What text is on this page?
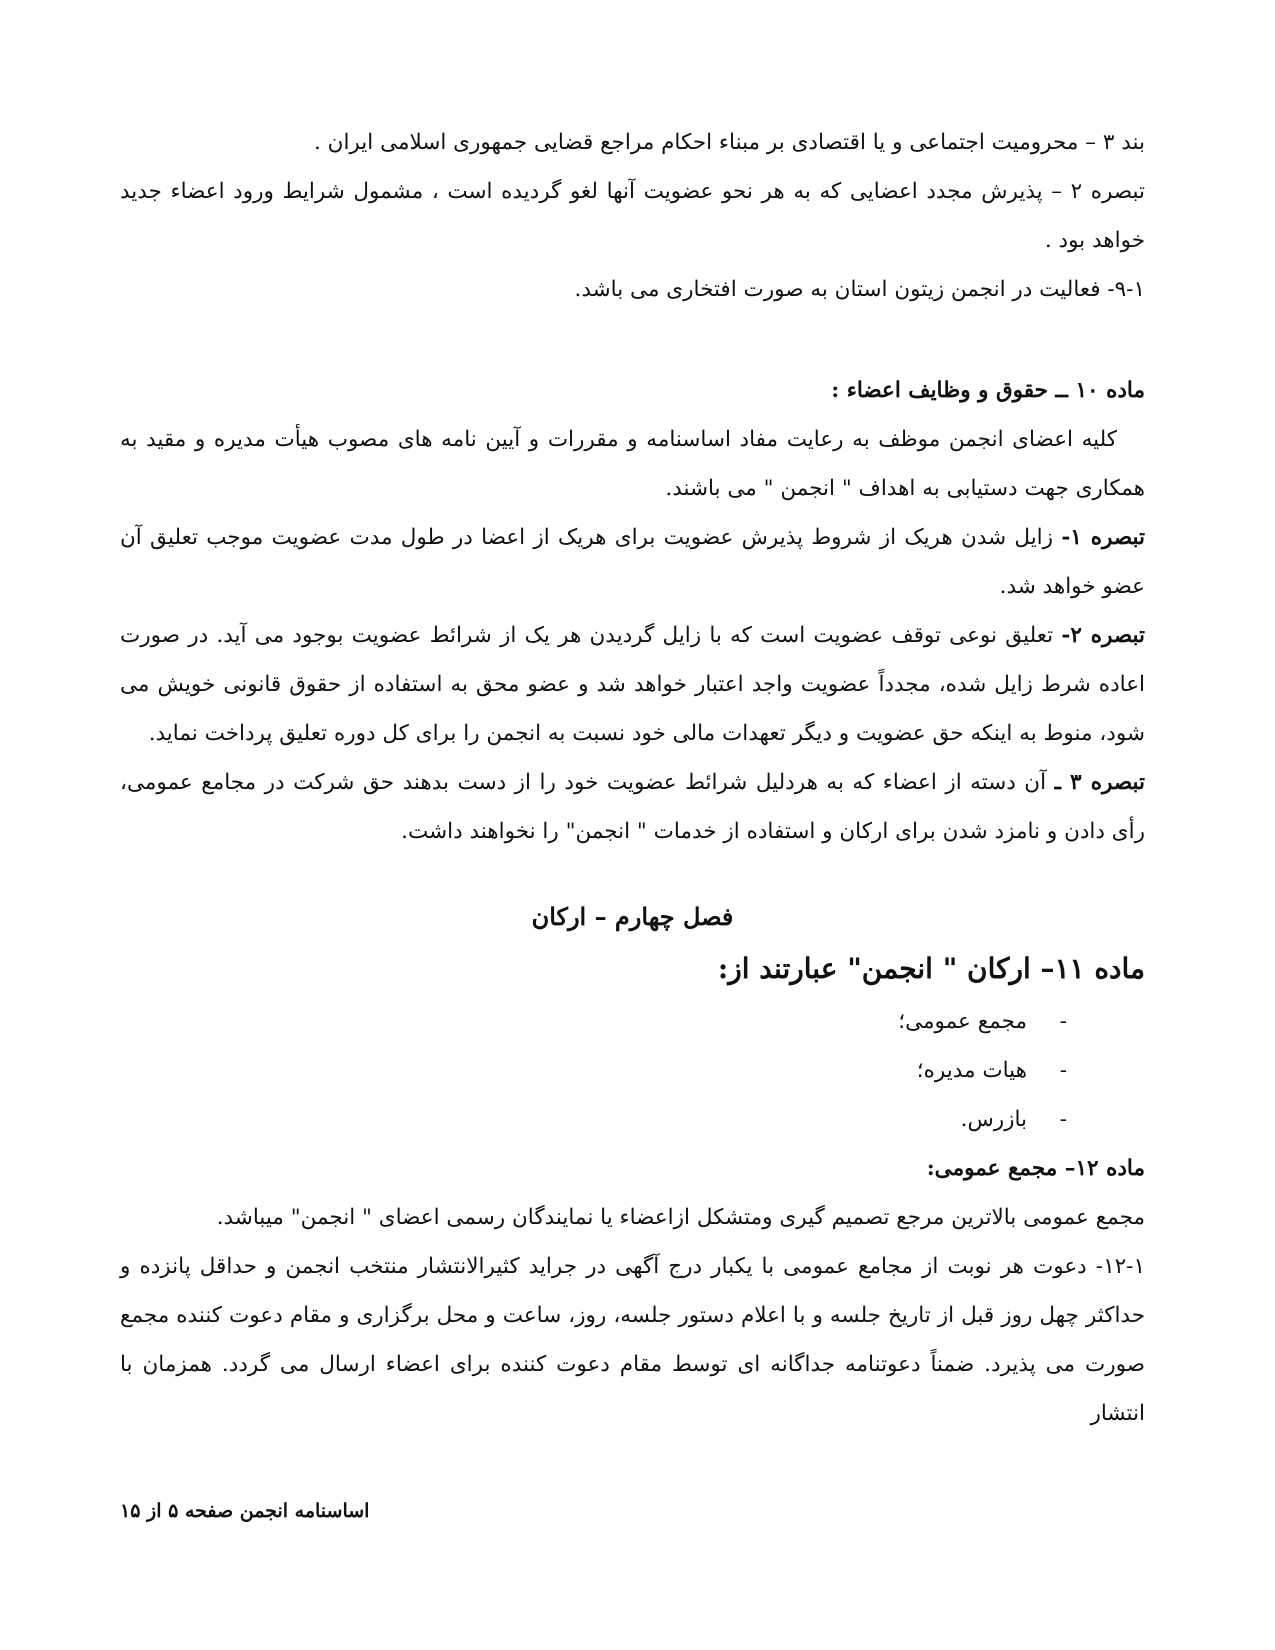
بند ۳ – محرومیت اجتماعی و یا اقتصادی بر مبناء احکام مراجع قضایی جمهوری اسلامی ایران .

تبصره ۲ – پذیرش مجدد اعضایی که به هر نحو عضویت آنها لغو گردیده است ، مشمول شرایط ورود اعضاء جدید خواهد بود .

۹-۱- فعالیت در انجمن زیتون استان به صورت افتخاری می باشد.

ماده ۱۰ ــ حقوق و وظایف اعضاء :

کلیه اعضای انجمن موظف به رعایت مفاد اساسنامه و مقررات و آیین نامه های مصوب هیأت مدیره و مقید به همکاری جهت دستیابی به اهداف " انجمن " می باشند.

تبصره ۱- زایل شدن هریک از شروط پذیرش عضویت برای هریک از اعضا در طول مدت عضویت موجب تعلیق آن عضو خواهد شد.

تبصره ۲- تعلیق نوعی توقف عضویت است که با زایل گردیدن هر یک از شرائط عضویت بوجود می آید. در صورت اعاده شرط زایل شده، مجدداً عضویت واجد اعتبار خواهد شد و عضو محق به استفاده از حقوق قانونی خویش می شود، منوط به اینکه حق عضویت و دیگر تعهدات مالی خود نسبت به انجمن را برای کل دوره تعلیق پرداخت نماید.

تبصره ۳ ـ آن دسته از اعضاء که به هردلیل شرائط عضویت خود را از دست بدهند حق شرکت در مجامع عمومی، رأی دادن و نامزد شدن برای ارکان و استفاده از خدمات " انجمن" را نخواهند داشت.

فصل چهارم – ارکان

ماده ۱۱– ارکان " انجمن" عبارتند از:

-مجمع عمومی؛
-هیات مدیره؛
-بازرس.

ماده ۱۲– مجمع عمومی:

مجمع عمومی بالاترین مرجع تصمیم گیری ومتشکل ازاعضاء یا نمایندگان رسمی اعضای " انجمن" میباشد.

۱۲-۱- دعوت هر نوبت از مجامع عمومی با یکبار درج آگهی در جراید کثیرالانتشار منتخب انجمن و حداقل پانزده و حداکثر چهل روز قبل از تاریخ جلسه و با اعلام دستور جلسه، روز، ساعت و محل برگزاری و مقام دعوت کننده مجمع صورت می پذیرد. ضمناً دعوتنامه جداگانه ای توسط مقام دعوت کننده برای اعضاء ارسال می گردد. همزمان با انتشار

اساسنامه انجمن صفحه ۵ از ۱۵
